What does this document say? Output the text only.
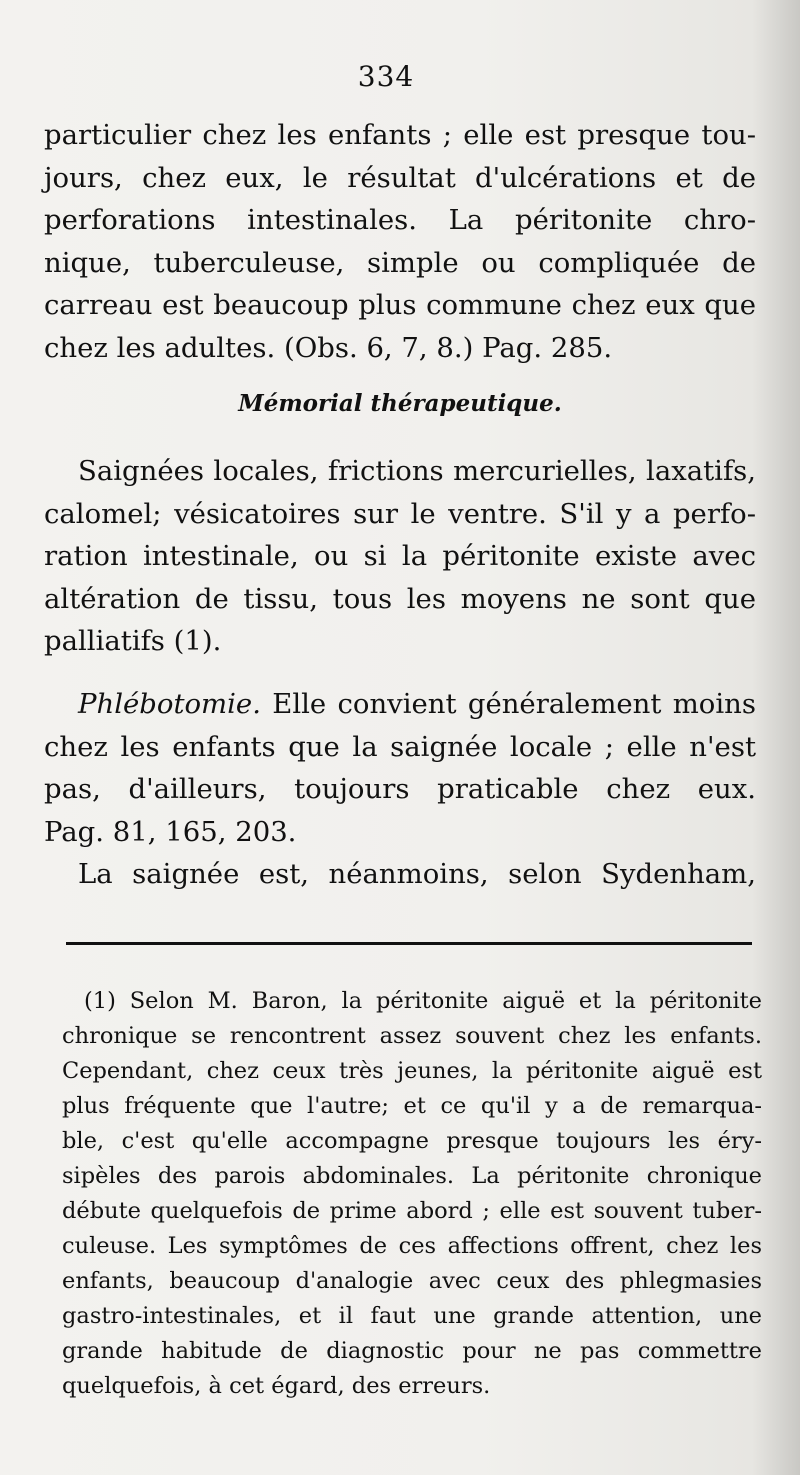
334
particulier chez les enfants ; elle est presque tou-
jours, chez eux, le résultat d'ulcérations et de
perforations intestinales. La péritonite chro-
nique, tuberculeuse, simple ou compliquée de
carreau est beaucoup plus commune chez eux que
chez les adultes. (Obs. 6, 7, 8.) Pag. 285.
Mémorial thérapeutique.
Saignées locales, frictions mercurielles, laxatifs,
calomel; vésicatoires sur le ventre. S'il y a perfo-
ration intestinale, ou si la péritonite existe avec
altération de tissu, tous les moyens ne sont que
palliatifs (1).
Phlébotomie. Elle convient généralement moins
chez les enfants que la saignée locale ; elle n'est
pas, d'ailleurs, toujours praticable chez eux.
Pag. 81, 165, 203.
La saignée est, néanmoins, selon Sydenham,
(1) Selon M. Baron, la péritonite aiguë et la péritonite
chronique se rencontrent assez souvent chez les enfants.
Cependant, chez ceux très jeunes, la péritonite aiguë est
plus fréquente que l'autre; et ce qu'il y a de remarqua-
ble, c'est qu'elle accompagne presque toujours les éry-
sipèles des parois abdominales. La péritonite chronique
débute quelquefois de prime abord ; elle est souvent tuber-
culeuse. Les symptômes de ces affections offrent, chez les
enfants, beaucoup d'analogie avec ceux des phlegmasies
gastro-intestinales, et il faut une grande attention, une
grande habitude de diagnostic pour ne pas commettre
quelquefois, à cet égard, des erreurs.
